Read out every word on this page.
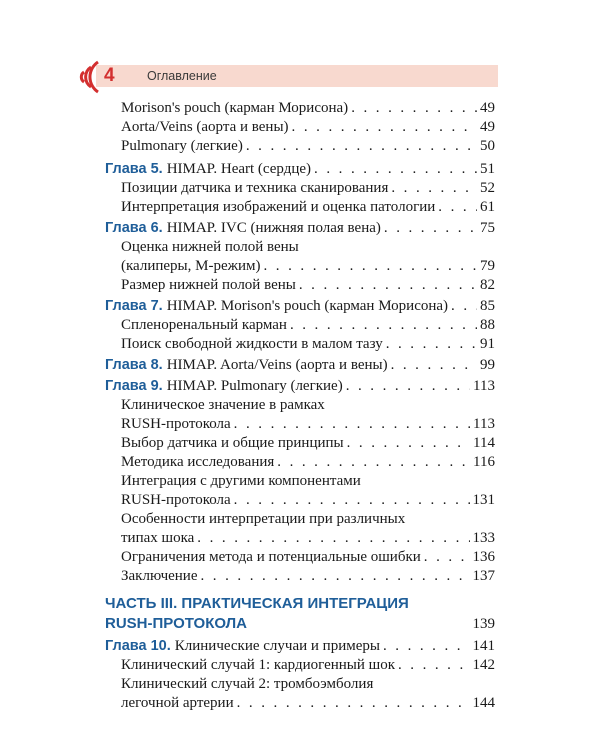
4	Оглавление
Morison's pouch (карман Морисона) . . .	49
Aorta/Veins (аорта и вены) . . .	49
Pulmonary (легкие) . . .	50
Глава 5. HIMAP. Heart (сердце) . . .	51
Позиции датчика и техника сканирования . . .	52
Интерпретация изображений и оценка патологии . . .	61
Глава 6. HIMAP. IVC (нижняя полая вена) . . .	75
Оценка нижней полой вены
(калиперы, M-режим) . . .	79
Размер нижней полой вены . . .	82
Глава 7. HIMAP. Morison's pouch (карман Морисона) . . . 85
Спленоренальный карман . . .	88
Поиск свободной жидкости в малом тазу . . .	91
Глава 8. HIMAP. Aorta/Veins (аорта и вены) . . .	99
Глава 9. HIMAP. Pulmonary (легкие) . . .	113
Клиническое значение в рамках
RUSH-протокола . . .	113
Выбор датчика и общие принципы . . .	114
Методика исследования . . .	116
Интеграция с другими компонентами
RUSH-протокола . . .	131
Особенности интерпретации при различных
типах шока . . .	133
Ограничения метода и потенциальные ошибки . . .	136
Заключение . . .	137
ЧАСТЬ III. ПРАКТИЧЕСКАЯ ИНТЕГРАЦИЯ
RUSH-ПРОТОКОЛА	139
Глава 10. Клинические случаи и примеры . . .	141
Клинический случай 1: кардиогенный шок . . .	142
Клинический случай 2: тромбоэмболия
легочной артерии . . .	144
